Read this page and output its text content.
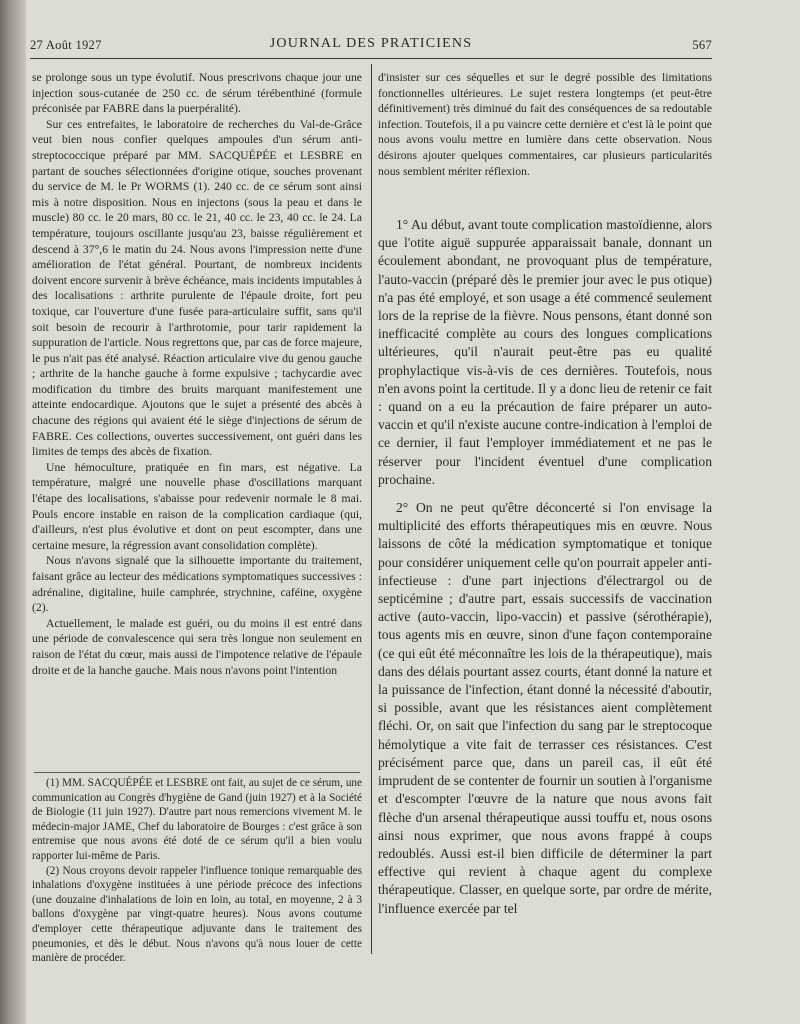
27 Août 1927	JOURNAL DES PRATICIENS	567

se prolonge sous un type évolutif. Nous prescrivons chaque jour une injection sous-cutanée de 250 cc. de sérum térébenthiné (formule préconisée par FABRE dans la puerpéralité).

Sur ces entrefaites, le laboratoire de recherches du Val-de-Grâce veut bien nous confier quelques ampoules d'un sérum anti-streptococcique préparé par MM. SACQUÉPÉE et LESBRE en partant de souches sélectionnées d'origine otique, souches provenant du service de M. le Pr WORMS (1). 240 cc. de ce sérum sont ainsi mis à notre disposition. Nous en injectons (sous la peau et dans le muscle) 80 cc. le 20 mars, 80 cc. le 21, 40 cc. le 23, 40 cc. le 24. La température, toujours oscillante jusqu'au 23, baisse régulièrement et descend à 37°,6 le matin du 24. Nous avons l'impression nette d'une amélioration de l'état général. Pourtant, de nombreux incidents doivent encore survenir à brève échéance, mais incidents imputables à des localisations : arthrite purulente de l'épaule droite, fort peu toxique, car l'ouverture d'une fusée para-articulaire suffit, sans qu'il soit besoin de recourir à l'arthrotomie, pour tarir rapidement la suppuration de l'article. Nous regrettons que, par cas de force majeure, le pus n'ait pas été analysé. Réaction articulaire vive du genou gauche ; arthrite de la hanche gauche à forme expulsive ; tachycardie avec modification du timbre des bruits marquant manifestement une atteinte endocardique. Ajoutons que le sujet a présenté des abcès à chacune des régions qui avaient été le siège d'injections de sérum de FABRE. Ces collections, ouvertes successivement, ont guéri dans les limites de temps des abcès de fixation.

Une hémoculture, pratiquée en fin mars, est négative. La température, malgré une nouvelle phase d'oscillations marquant l'étape des localisations, s'abaisse pour redevenir normale le 8 mai. Pouls encore instable en raison de la complication cardiaque (qui, d'ailleurs, n'est plus évolutive et dont on peut escompter, dans une certaine mesure, la régression avant consolidation complète).

Nous n'avons signalé que la silhouette importante du traitement, faisant grâce au lecteur des médications symptomatiques successives : adrénaline, digitaline, huile camphrée, strychnine, caféine, oxygène (2).

Actuellement, le malade est guéri, ou du moins il est entré dans une période de convalescence qui sera très longue non seulement en raison de l'état du cœur, mais aussi de l'impotence relative de l'épaule droite et de la hanche gauche. Mais nous n'avons point l'intention

(1) MM. SACQUÉPÉE et LESBRE ont fait, au sujet de ce sérum, une communication au Congrès d'hygiène de Gand (juin 1927) et à la Société de Biologie (11 juin 1927). D'autre part nous remercions vivement M. le médecin-major JAME, Chef du laboratoire de Bourges : c'est grâce à son entremise que nous avons été doté de ce sérum qu'il a bien voulu rapporter lui-même de Paris.

(2) Nous croyons devoir rappeler l'influence tonique remarquable des inhalations d'oxygène instituées à une période précoce des infections (une douzaine d'inhalations de loin en loin, au total, en moyenne, 2 à 3 ballons d'oxygène par vingt-quatre heures). Nous avons coutume d'employer cette thérapeutique adjuvante dans le traitement des pneumonies, et dès le début. Nous n'avons qu'à nous louer de cette manière de procéder.

d'insister sur ces séquelles et sur le degré possible des limitations fonctionnelles ultérieures. Le sujet restera longtemps (et peut-être définitivement) très diminué du fait des conséquences de sa redoutable infection. Toutefois, il a pu vaincre cette dernière et c'est là le point que nous avons voulu mettre en lumière dans cette observation. Nous désirons ajouter quelques commentaires, car plusieurs particularités nous semblent mériter réflexion.

1° Au début, avant toute complication mastoïdienne, alors que l'otite aiguë suppurée apparaissait banale, donnant un écoulement abondant, ne provoquant plus de température, l'auto-vaccin (préparé dès le premier jour avec le pus otique) n'a pas été employé, et son usage a été commencé seulement lors de la reprise de la fièvre. Nous pensons, étant donné son inefficacité complète au cours des longues complications ultérieures, qu'il n'aurait peut-être pas eu qualité prophylactique vis-à-vis de ces dernières. Toutefois, nous n'en avons point la certitude. Il y a donc lieu de retenir ce fait : quand on a eu la précaution de faire préparer un auto-vaccin et qu'il n'existe aucune contre-indication à l'emploi de ce dernier, il faut l'employer immédiatement et ne pas le réserver pour l'incident éventuel d'une complication prochaine.

2° On ne peut qu'être déconcerté si l'on envisage la multiplicité des efforts thérapeutiques mis en œuvre. Nous laissons de côté la médication symptomatique et tonique pour considérer uniquement celle qu'on pourrait appeler anti-infectieuse : d'une part injections d'électrargol ou de septicémine ; d'autre part, essais successifs de vaccination active (auto-vaccin, lipo-vaccin) et passive (sérothérapie), tous agents mis en œuvre, sinon d'une façon contemporaine (ce qui eût été méconnaître les lois de la thérapeutique), mais dans des délais pourtant assez courts, étant donné la nature et la puissance de l'infection, étant donné la nécessité d'aboutir, si possible, avant que les résistances aient complètement fléchi. Or, on sait que l'infection du sang par le streptocoque hémolytique a vite fait de terrasser ces résistances. C'est précisément parce que, dans un pareil cas, il eût été imprudent de se contenter de fournir un soutien à l'organisme et d'escompter l'œuvre de la nature que nous avons fait flèche d'un arsenal thérapeutique aussi touffu et, nous osons ainsi nous exprimer, que nous avons frappé à coups redoublés. Aussi est-il bien difficile de déterminer la part effective qui revient à chaque agent du complexe thérapeutique. Classer, en quelque sorte, par ordre de mérite, l'influence exercée par tel
